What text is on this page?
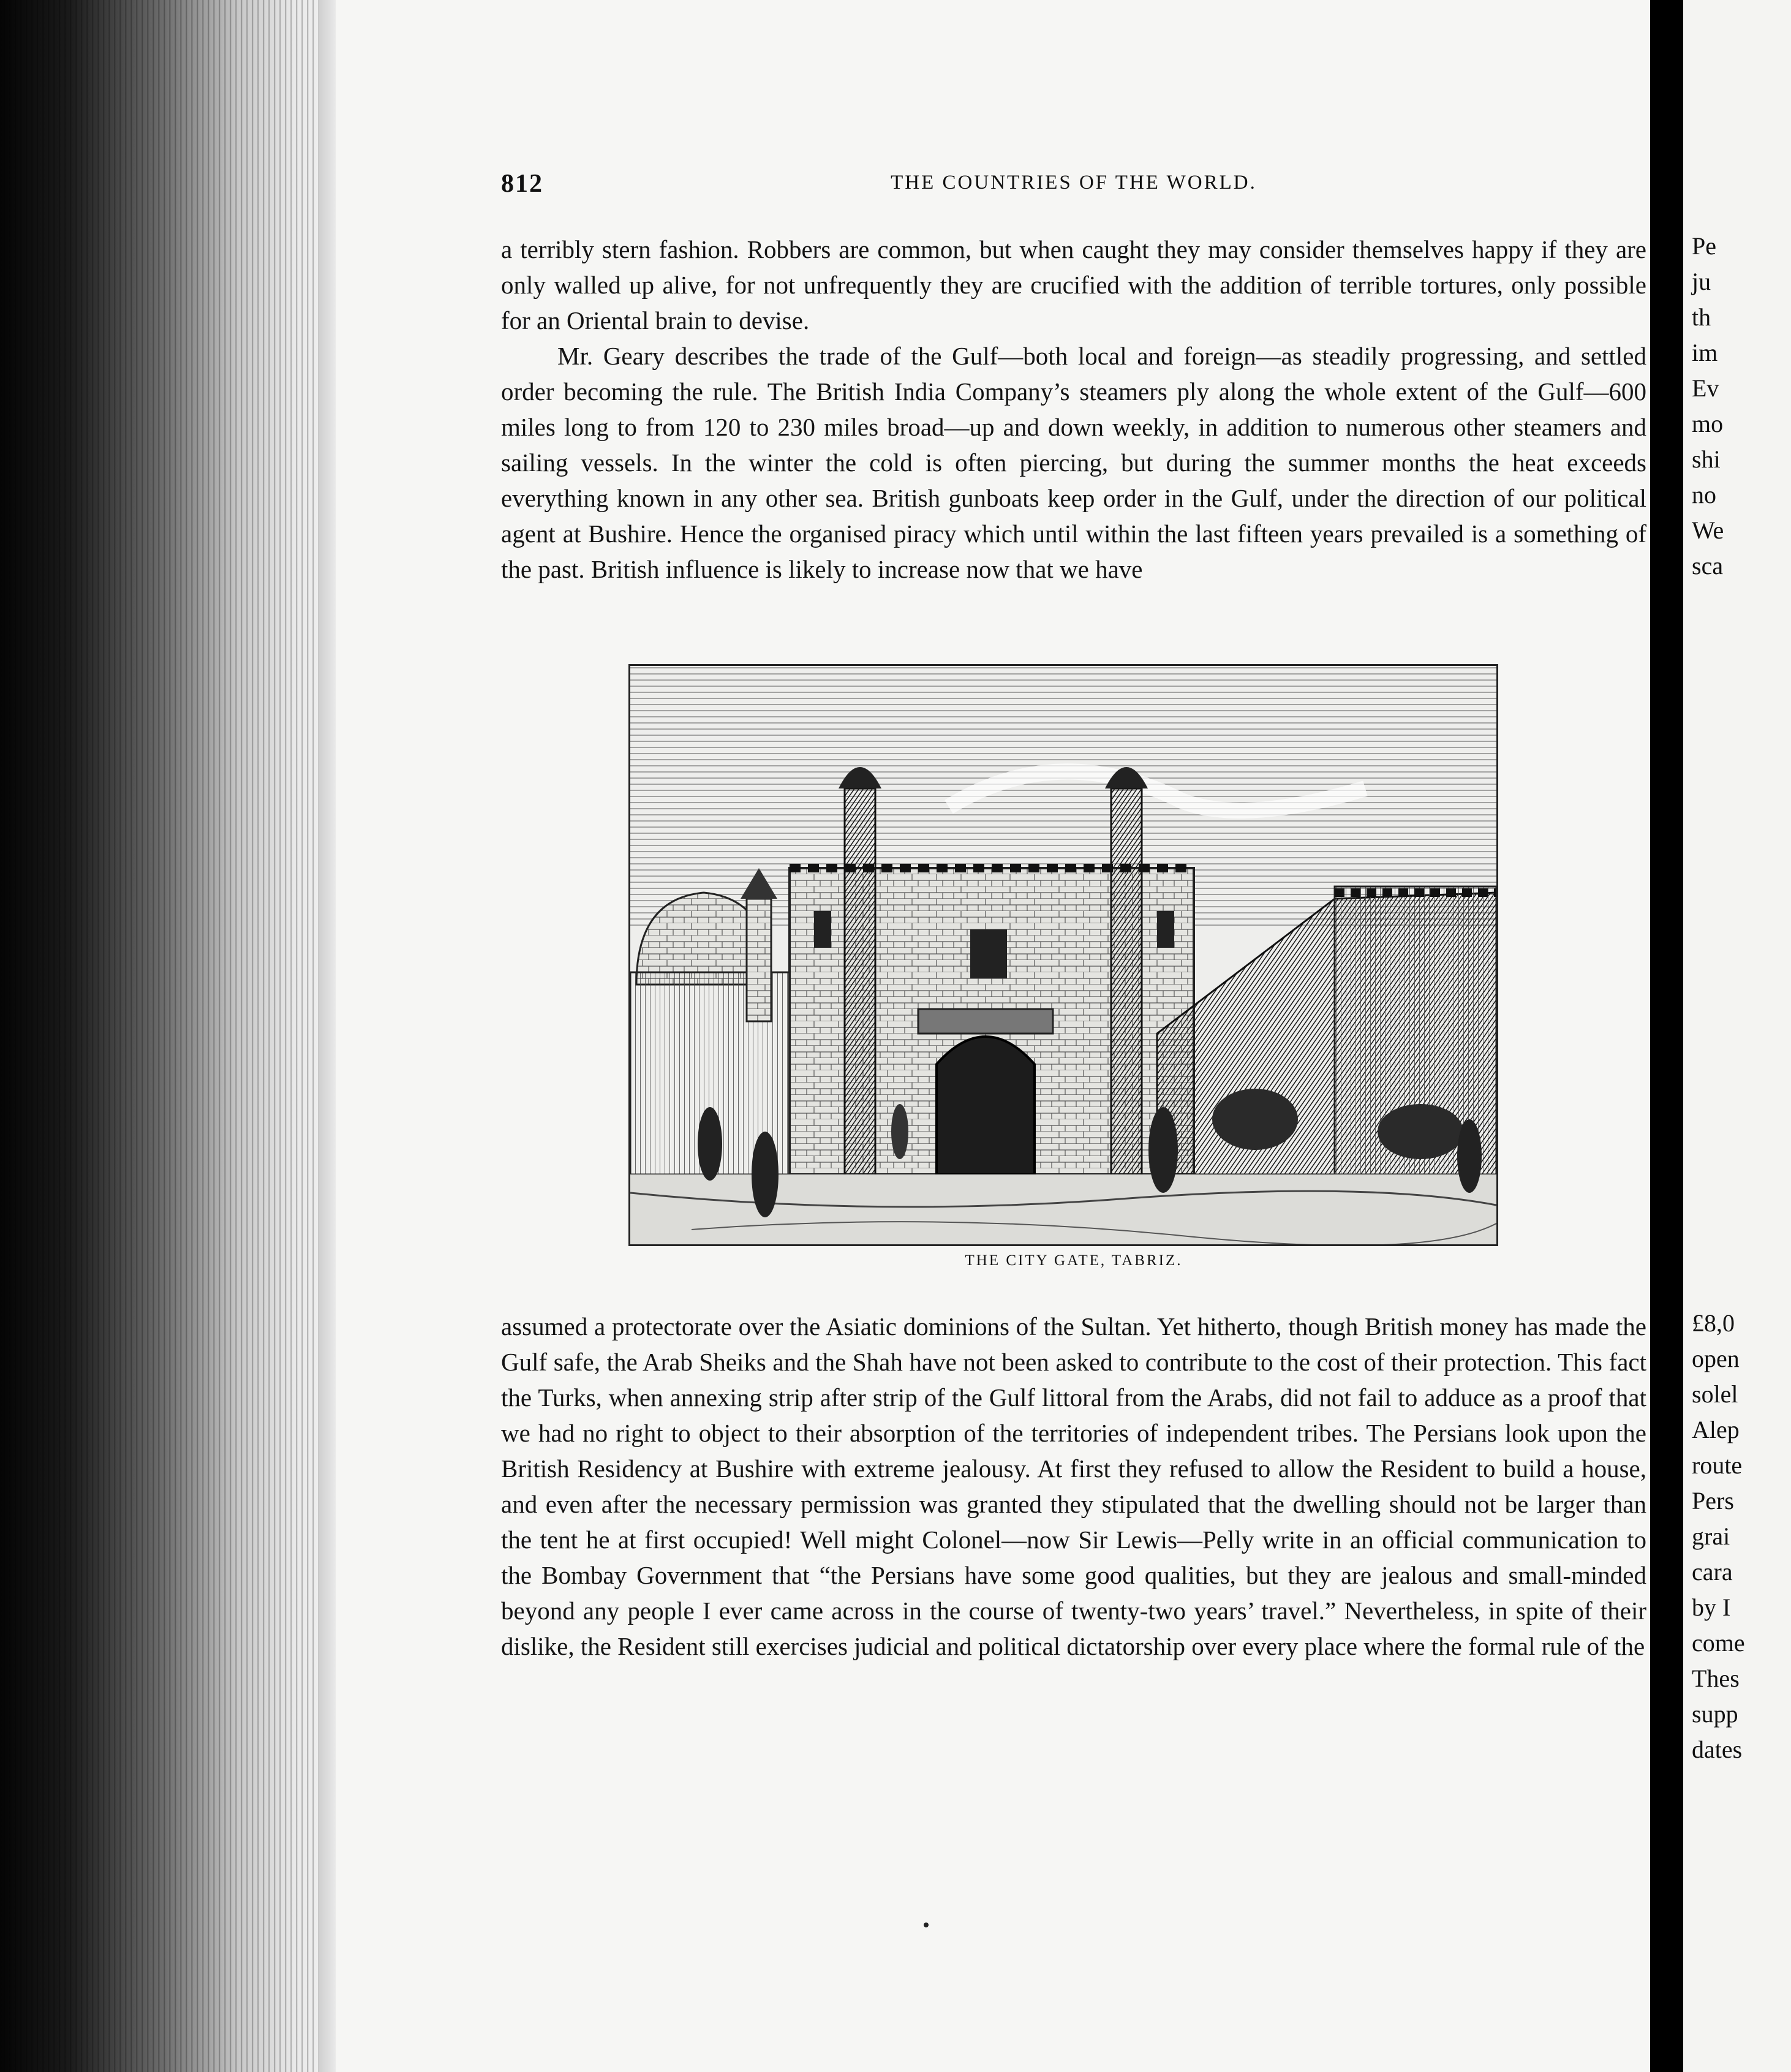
812	THE COUNTRIES OF THE WORLD.

a terribly stern fashion. Robbers are common, but when caught they may consider themselves happy if they are only walled up alive, for not unfrequently they are crucified with the addition of terrible tortures, only possible for an Oriental brain to devise.

Mr. Geary describes the trade of the Gulf—both local and foreign—as steadily progressing, and settled order becoming the rule. The British India Company’s steamers ply along the whole extent of the Gulf—600 miles long to from 120 to 230 miles broad—up and down weekly, in addition to numerous other steamers and sailing vessels. In the winter the cold is often piercing, but during the summer months the heat exceeds everything known in any other sea. British gunboats keep order in the Gulf, under the direction of our political agent at Bushire. Hence the organised piracy which until within the last fifteen years prevailed is a something of the past. British influence is likely to increase now that we have

THE CITY GATE, TABRIZ.

assumed a protectorate over the Asiatic dominions of the Sultan. Yet hitherto, though British money has made the Gulf safe, the Arab Sheiks and the Shah have not been asked to contribute to the cost of their protection. This fact the Turks, when annexing strip after strip of the Gulf littoral from the Arabs, did not fail to adduce as a proof that we had no right to object to their absorption of the territories of independent tribes. The Persians look upon the British Residency at Bushire with extreme jealousy. At first they refused to allow the Resident to build a house, and even after the necessary permission was granted they stipulated that the dwelling should not be larger than the tent he at first occupied! Well might Colonel—now Sir Lewis—Pelly write in an official communication to the Bombay Government that “the Persians have some good qualities, but they are jealous and small-minded beyond any people I ever came across in the course of twenty-two years’ travel.” Nevertheless, in spite of their dislike, the Resident still exercises judicial and political dictatorship over every place where the formal rule of the

Pe

ju

th

im

Ev

mo

shi

no

We

sca

£8,0

open

solel

Alep

route

Pers

grai

cara

by I

come

Thes

supp

dates
